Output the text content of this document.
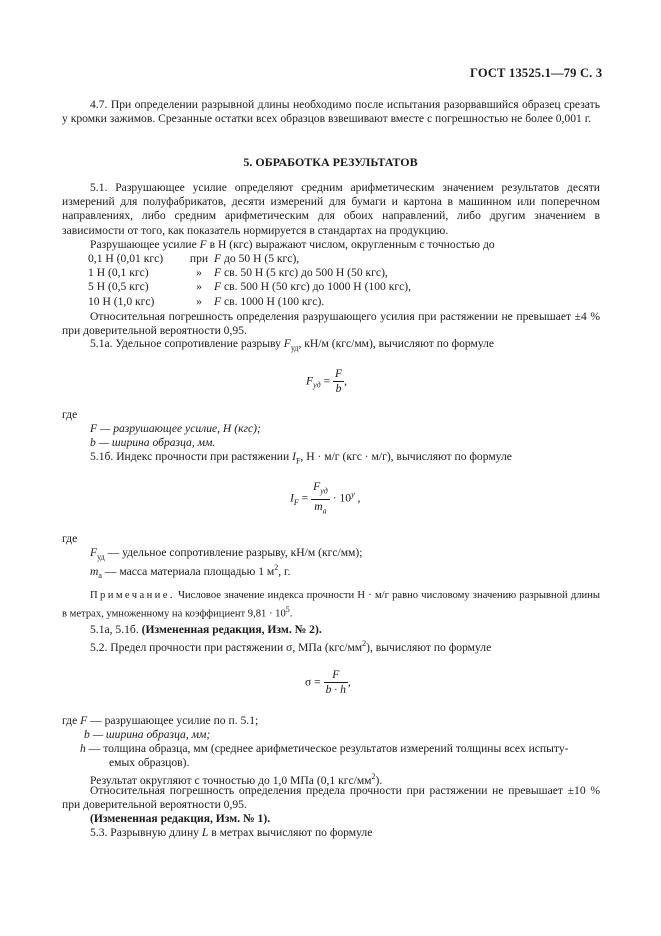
ГОСТ 13525.1—79 С. 3
4.7. При определении разрывной длины необходимо после испытания разорвавшийся образец срезать у кромки зажимов. Срезанные остатки всех образцов взвешивают вместе с погрешностью не более 0,001 г.
5. ОБРАБОТКА РЕЗУЛЬТАТОВ
5.1. Разрушающее усилие определяют средним арифметическим значением результатов десяти измерений для полуфабрикатов, десяти измерений для бумаги и картона в машинном или поперечном направлениях, либо средним арифметическим для обоих направлений, либо другим значением в зависимости от того, как показатель нормируется в стандартах на продукцию.
Разрушающее усилие F в Н (кгс) выражают числом, округленным с точностью до
0,1 Н (0,01 кгс)	при	F до 50 Н (5 кгс),
1 Н (0,1 кгс)	»	F св. 50 Н (5 кгс) до 500 Н (50 кгс),
5 Н (0,5 кгс)	»	F св. 500 Н (50 кгс) до 1000 Н (100 кгс),
10 Н (1,0 кгс)	»	F св. 1000 Н (100 кгс).
Относительная погрешность определения разрушающего усилия при растяжении не превышает ±4 % при доверительной вероятности 0,95.
5.1а. Удельное сопротивление разрыву $F_{уд}$, кН/м (кгс/мм), вычисляют по формуле
$F_{уд} = \frac{F}{b}$ ,
где
F — разрушающее усилие, Н (кгс);
b — ширина образца, мм.
5.1б. Индекс прочности при растяжении $I_F$, Н · м/г (кгс · м/г), вычисляют по формуле
$I_F = \frac{F_{уд}}{m_а} \cdot 10^y$ ,
где
$F_{уд}$ — удельное сопротивление разрыву, кН/м (кгс/мм);
$m_а$ — масса материала площадью 1 $м^2$, г.
Примечание. Числовое значение индекса прочности Н · м/г равно числовому значению разрывной длины в метрах, умноженному на коэффициент $9,81 \cdot 10^5$.
5.1а, 5.1б. (Измененная редакция, Изм. № 2).
5.2. Предел прочности при растяжении σ, МПа $(кгс/мм^2)$, вычисляют по формуле
$\sigma = \frac{F}{b \cdot h}$ ,
где F — разрушающее усилие по п. 5.1;
b — ширина образца, мм;
h — толщина образца, мм (среднее арифметическое результатов измерений толщины всех испыту-
емых образцов).
Результат округляют с точностью до 1,0 МПа (0,1 кгс/$мм^2$).
Относительная погрешность определения предела прочности при растяжении не превышает ±10 % при доверительной вероятности 0,95.
(Измененная редакция, Изм. № 1).
5.3. Разрывную длину L в метрах вычисляют по формуле
